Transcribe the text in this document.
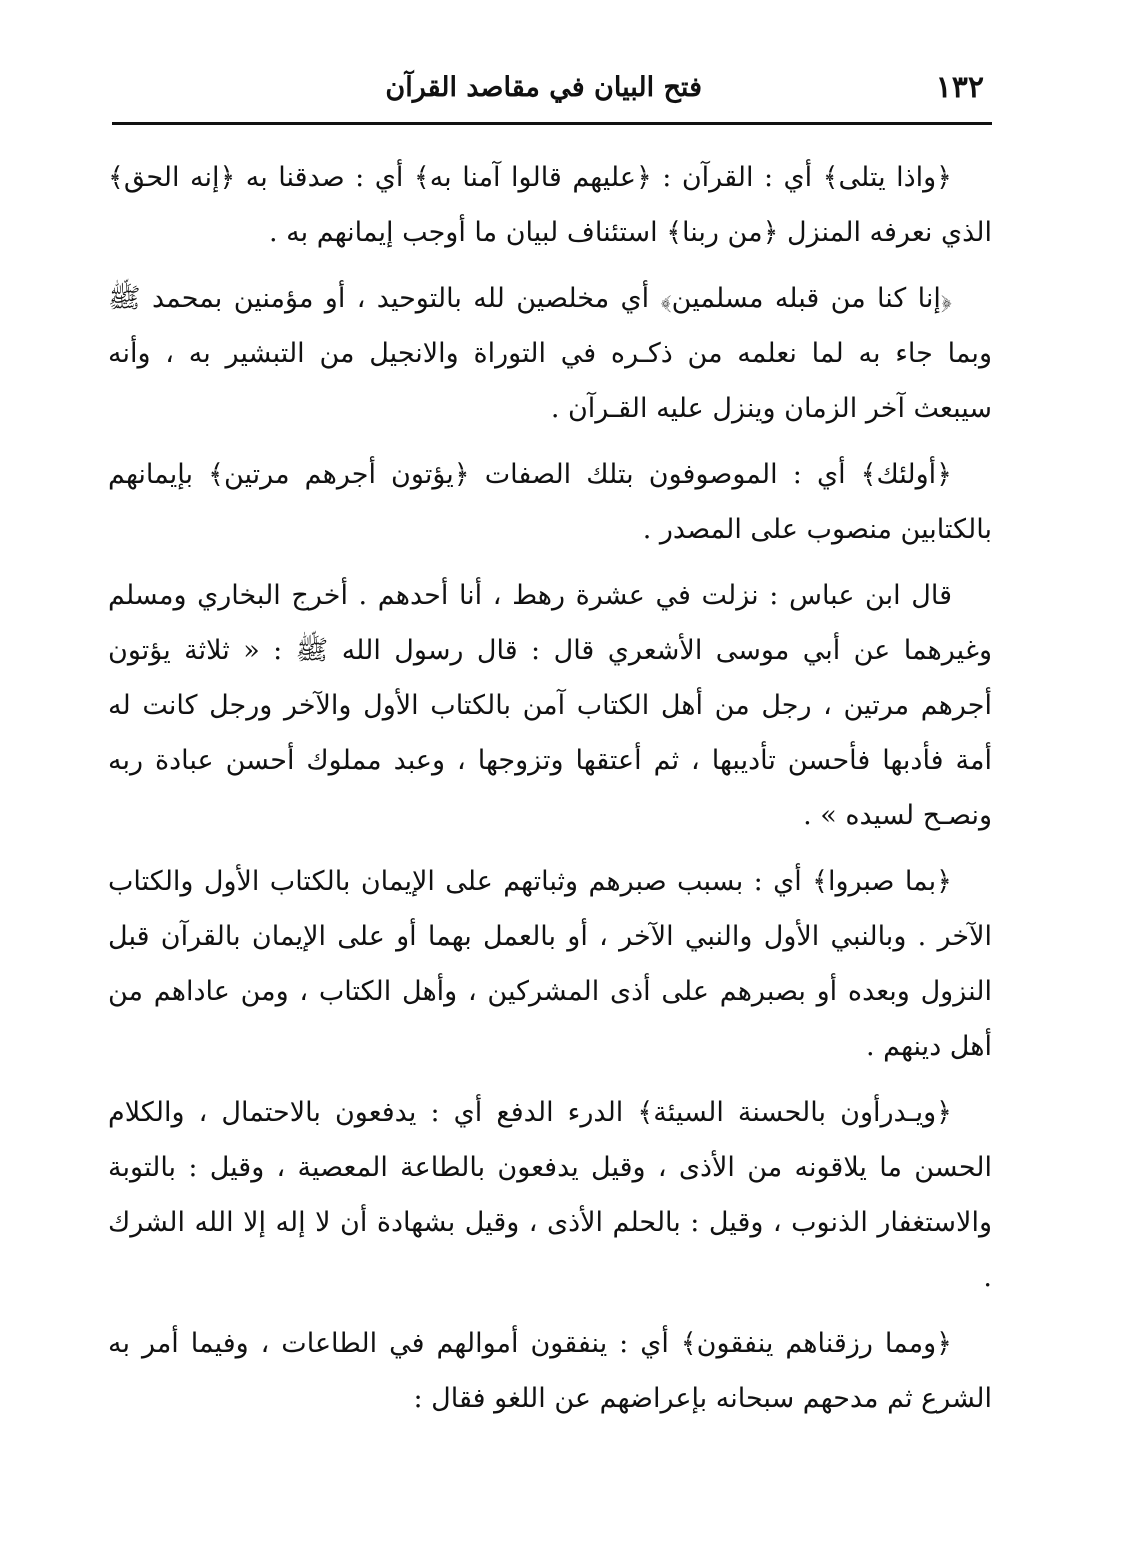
١٣٢
فتح البيان في مقاصد القرآن

﴿واذا يتلى﴾ أي : القرآن : ﴿عليهم قالوا آمنا به﴾ أي : صدقنا به ﴿إنه الحق﴾ الذي نعرفه المنزل ﴿من ربنا﴾ استئناف لبيان ما أوجب إيمانهم به .

﴿إنا كنا من قبله مسلمين﴾ أي مخلصين لله بالتوحيد ، أو مؤمنين بمحمد ﷺ وبما جاء به لما نعلمه من ذكـره في التوراة والانجيل من التبشير به ، وأنه سيبعث آخر الزمان وينزل عليه القـرآن .

﴿أولئك﴾ أي : الموصوفون بتلك الصفات ﴿يؤتون أجرهم مرتين﴾ بإيمانهم بالكتابين منصوب على المصدر .

قال ابن عباس : نزلت في عشرة رهط ، أنا أحدهم . أخرج البخاري ومسلم وغيرهما عن أبي موسى الأشعري قال : قال رسول الله ﷺ : « ثلاثة يؤتون أجرهم مرتين ، رجل من أهل الكتاب آمن بالكتاب الأول والآخر ورجل كانت له أمة فأدبها فأحسن تأديبها ، ثم أعتقها وتزوجها ، وعبد مملوك أحسن عبادة ربه ونصـح لسيده » .

﴿بما صبروا﴾ أي : بسبب صبرهم وثباتهم على الإيمان بالكتاب الأول والكتاب الآخر . وبالنبي الأول والنبي الآخر ، أو بالعمل بهما أو على الإيمان بالقرآن قبل النزول وبعده أو بصبرهم على أذى المشركين ، وأهل الكتاب ، ومن عاداهم من أهل دينهم .

﴿ويـدرأون بالحسنة السيئة﴾ الدرء الدفع أي : يدفعون بالاحتمال ، والكلام الحسن ما يلاقونه من الأذى ، وقيل يدفعون بالطاعة المعصية ، وقيل : بالتوبة والاستغفار الذنوب ، وقيل : بالحلم الأذى ، وقيل بشهادة أن لا إله إلا الله الشرك .

﴿ومما رزقناهم ينفقون﴾ أي : ينفقون أموالهم في الطاعات ، وفيما أمر به الشرع ثم مدحهم سبحانه بإعراضهم عن اللغو فقال :
